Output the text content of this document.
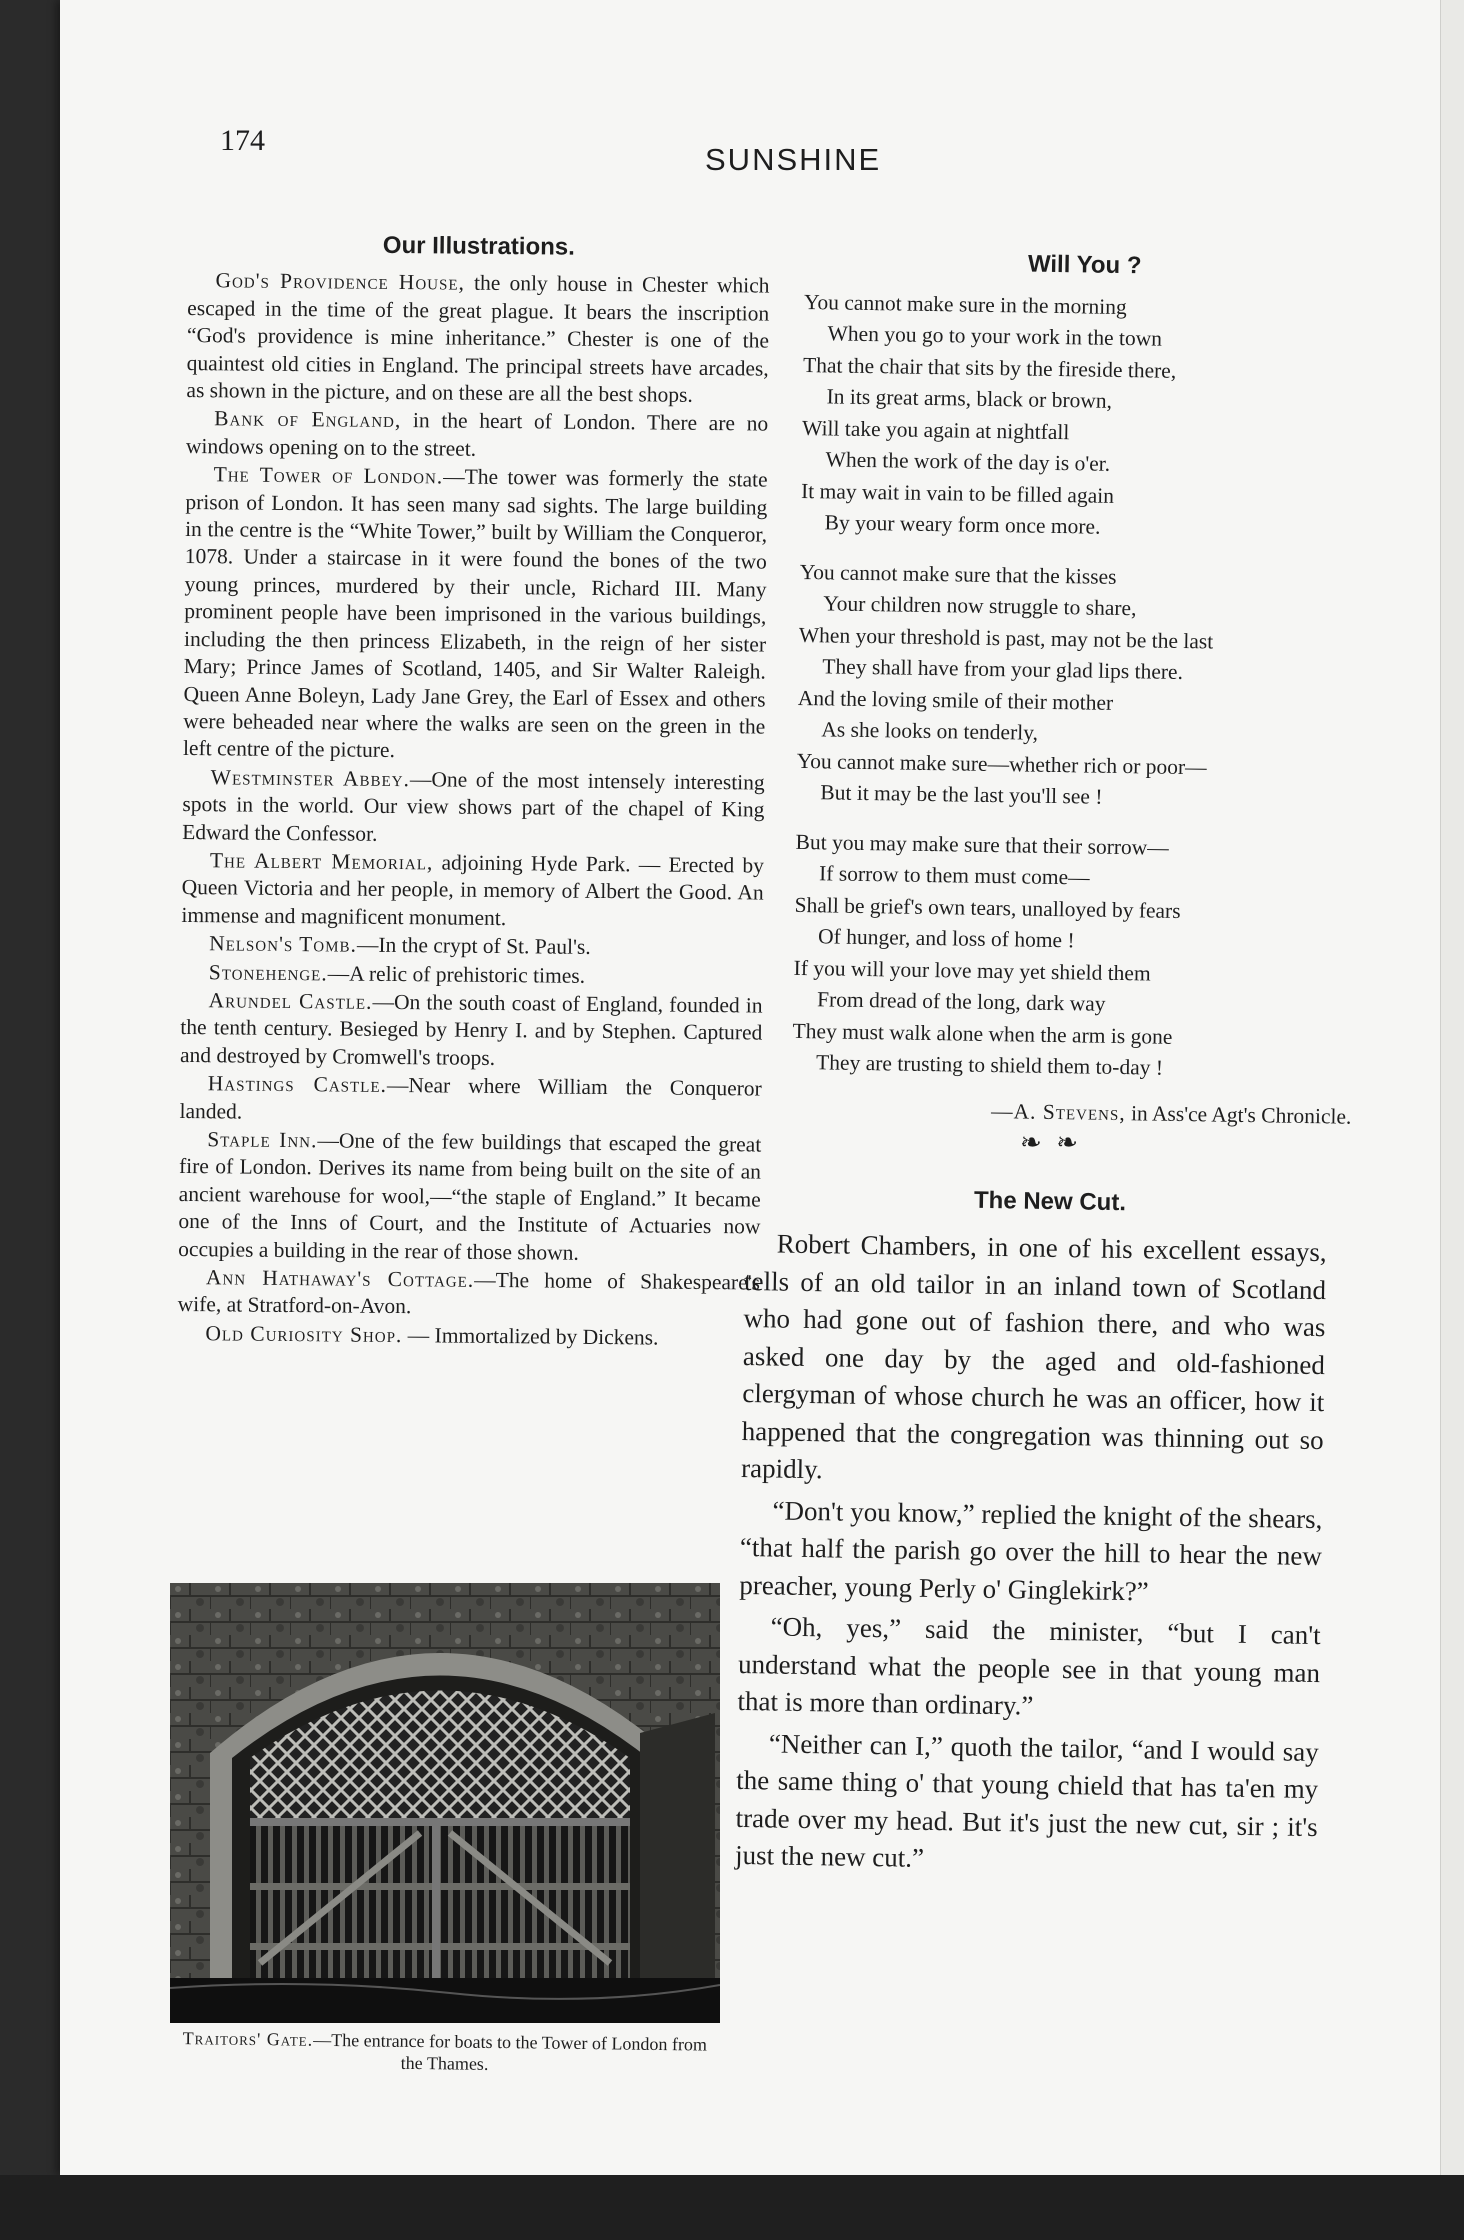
174
SUNSHINE
Our Illustrations.

God's Providence House, the only house in Chester which escaped in the time of the great plague. It bears the inscription “God's providence is mine inheritance.” Chester is one of the quaintest old cities in England. The principal streets have arcades, as shown in the picture, and on these are all the best shops.

Bank of England, in the heart of London. There are no windows opening on to the street.

The Tower of London.—The tower was formerly the state prison of London. It has seen many sad sights. The large building in the centre is the “White Tower,” built by William the Conqueror, 1078. Under a staircase in it were found the bones of the two young princes, murdered by their uncle, Richard III. Many prominent people have been imprisoned in the various buildings, including the then princess Elizabeth, in the reign of her sister Mary; Prince James of Scotland, 1405, and Sir Walter Raleigh. Queen Anne Boleyn, Lady Jane Grey, the Earl of Essex and others were beheaded near where the walks are seen on the green in the left centre of the picture.

Westminster Abbey.—One of the most intensely interesting spots in the world. Our view shows part of the chapel of King Edward the Confessor.

The Albert Memorial, adjoining Hyde Park. — Erected by Queen Victoria and her people, in memory of Albert the Good. An immense and magnificent monument.

Nelson's Tomb.—In the crypt of St. Paul's.

Stonehenge.—A relic of prehistoric times.

Arundel Castle.—On the south coast of England, founded in the tenth century. Besieged by Henry I. and by Stephen. Captured and destroyed by Cromwell's troops.

Hastings Castle.—Near where William the Conqueror landed.

Staple Inn.—One of the few buildings that escaped the great fire of London. Derives its name from being built on the site of an ancient warehouse for wool,—“the staple of England.” It became one of the Inns of Court, and the Institute of Actuaries now occupies a building in the rear of those shown.

Ann Hathaway's Cottage.—The home of Shakespeare's wife, at Stratford-on-Avon.

Old Curiosity Shop. — Immortalized by Dickens.

Traitors' Gate.—The entrance for boats to the Tower of London from the Thames.
Will You ?
You cannot make sure in the morning
When you go to your work in the town
That the chair that sits by the fireside there,
In its great arms, black or brown,
Will take you again at nightfall
When the work of the day is o'er.
It may wait in vain to be filled again
By your weary form once more.
You cannot make sure that the kisses
Your children now struggle to share,
When your threshold is past, may not be the last
They shall have from your glad lips there.
And the loving smile of their mother
As she looks on tenderly,
You cannot make sure—whether rich or poor—
But it may be the last you'll see !
But you may make sure that their sorrow—
If sorrow to them must come—
Shall be grief's own tears, unalloyed by fears
Of hunger, and loss of home !
If you will your love may yet shield them
From dread of the long, dark way
They must walk alone when the arm is gone
They are trusting to shield them to-day !
—A. Stevens, in Ass'ce Agt's Chronicle.
❧ ❧
The New Cut.

Robert Chambers, in one of his excellent essays, tells of an old tailor in an inland town of Scotland who had gone out of fashion there, and who was asked one day by the aged and old-fashioned clergyman of whose church he was an officer, how it happened that the congregation was thinning out so rapidly.

“Don't you know,” replied the knight of the shears, “that half the parish go over the hill to hear the new preacher, young Perly o' Ginglekirk?”

“Oh, yes,” said the minister, “but I can't understand what the people see in that young man that is more than ordinary.”

“Neither can I,” quoth the tailor, “and I would say the same thing o' that young chield that has ta'en my trade over my head. But it's just the new cut, sir ; it's just the new cut.”
